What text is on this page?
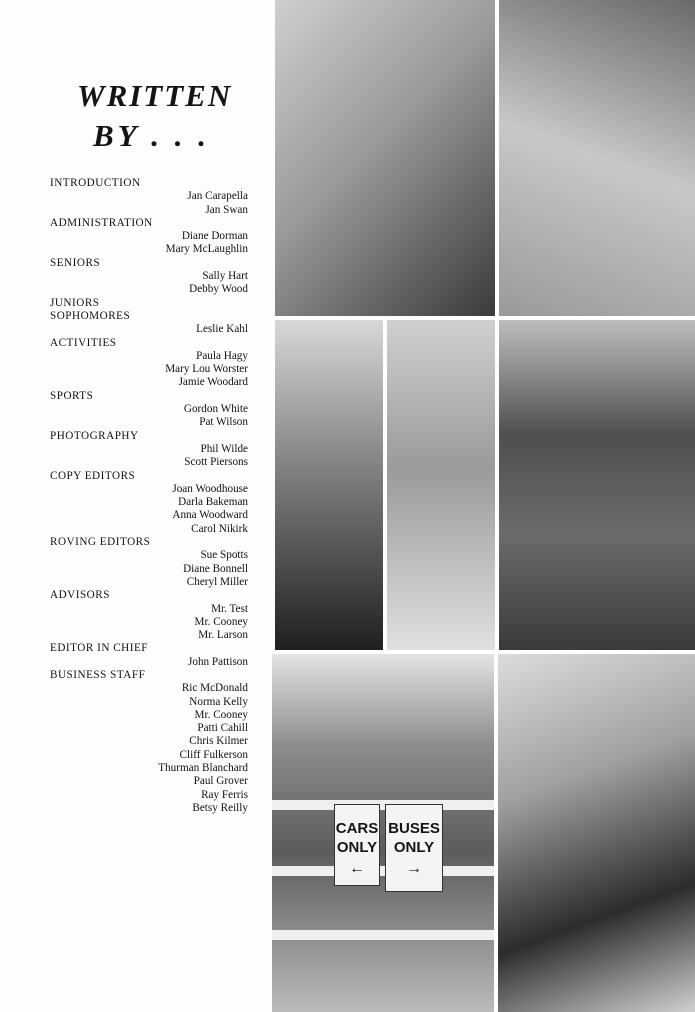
WRITTEN
BY . . .
INTRODUCTION
Jan Carapella
Jan Swan
ADMINISTRATION
Diane Dorman
Mary McLaughlin
SENIORS
Sally Hart
Debby Wood
JUNIORS
SOPHOMORES
Leslie Kahl
ACTIVITIES
Paula Hagy
Mary Lou Worster
Jamie Woodard
SPORTS
Gordon White
Pat Wilson
PHOTOGRAPHY
Phil Wilde
Scott Piersons
COPY EDITORS
Joan Woodhouse
Darla Bakeman
Anna Woodward
Carol Nikirk
ROVING EDITORS
Sue Spotts
Diane Bonnell
Cheryl Miller
ADVISORS
Mr. Test
Mr. Cooney
Mr. Larson
EDITOR IN CHIEF
John Pattison
BUSINESS STAFF
Ric McDonald
Norma Kelly
Mr. Cooney
Patti Cahill
Chris Kilmer
Cliff Fulkerson
Thurman Blanchard
Paul Grover
Ray Ferris
Betsy Reilly
CARS
ONLY
←
BUSES
ONLY
→
